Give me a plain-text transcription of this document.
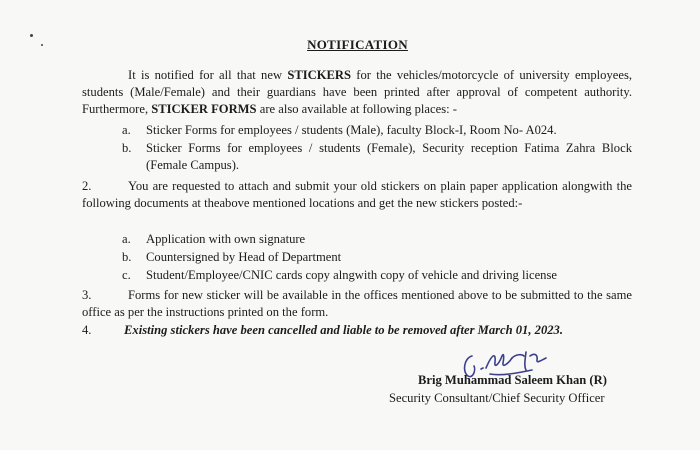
NOTIFICATION
It is notified for all that new STICKERS for the vehicles/motorcycle of university employees, students (Male/Female) and their guardians have been printed after approval of competent authority. Furthermore, STICKER FORMS are also available at following places: -
a. Sticker Forms for employees / students (Male), faculty Block-I, Room No- A024.
b. Sticker Forms for employees / students (Female), Security reception Fatima Zahra Block (Female Campus).
2.	You are requested to attach and submit your old stickers on plain paper application alongwith the following documents at theabove mentioned locations and get the new stickers posted:-
a. Application with own signature
b. Countersigned by Head of Department
c. Student/Employee/CNIC cards copy alngwith copy of vehicle and driving license
3.	Forms for new sticker will be available in the offices mentioned above to be submitted to the same office as per the instructions printed on the form.
4.	Existing stickers have been cancelled and liable to be removed after March 01, 2023.
Brig Muhammad Saleem Khan (R)
Security Consultant/Chief Security Officer
